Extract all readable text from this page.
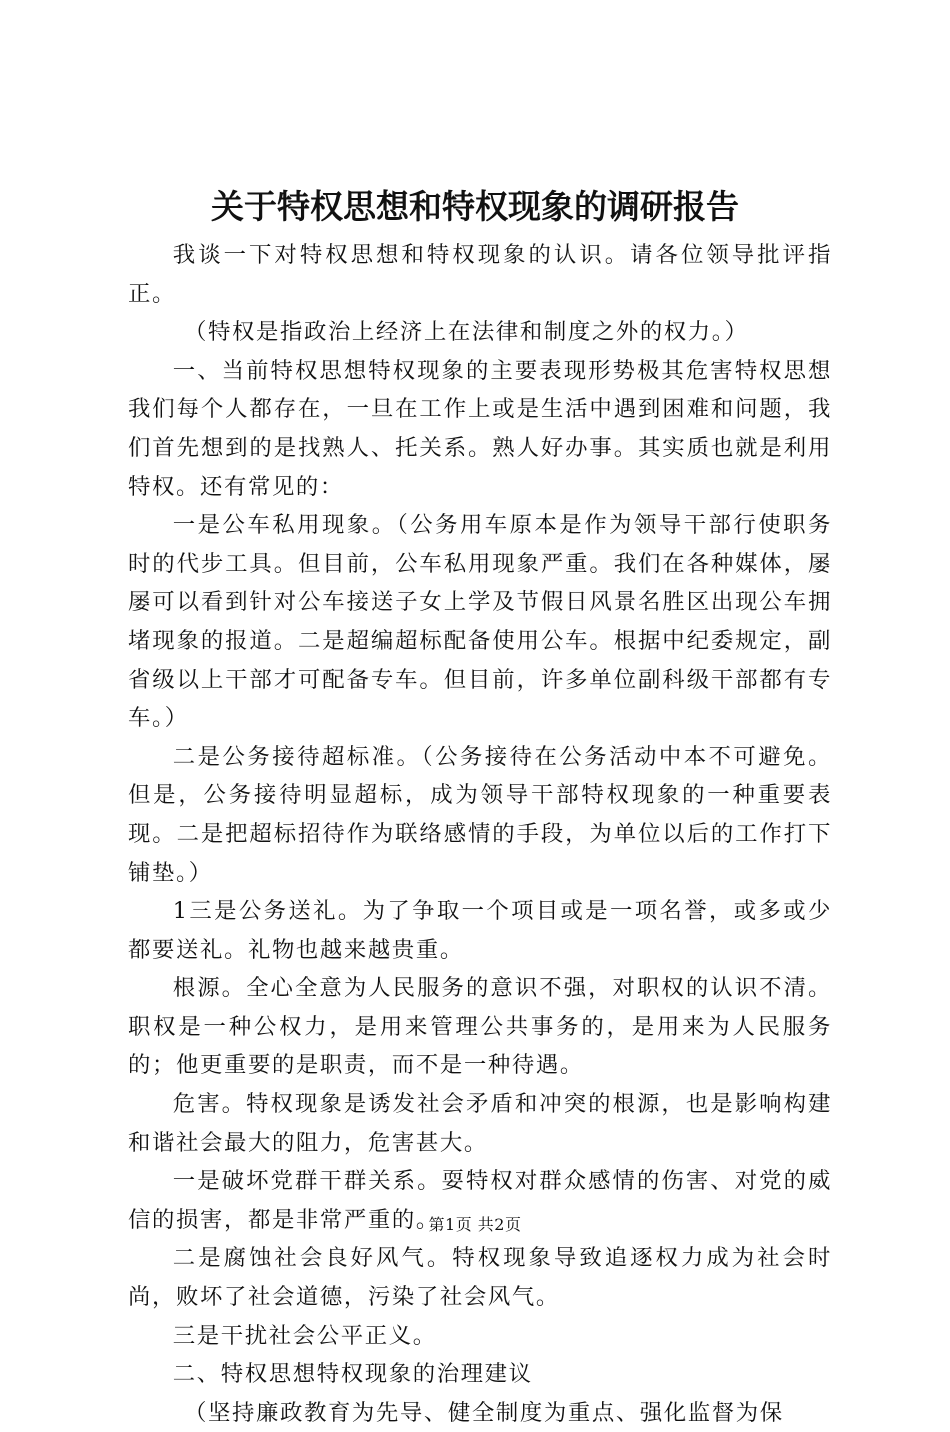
关于特权思想和特权现象的调研报告

我谈一下对特权思想和特权现象的认识。请各位领导批评指正。

（特权是指政治上经济上在法律和制度之外的权力。）

一、当前特权思想特权现象的主要表现形势极其危害特权思想我们每个人都存在，一旦在工作上或是生活中遇到困难和问题，我们首先想到的是找熟人、托关系。熟人好办事。其实质也就是利用特权。还有常见的：

一是公车私用现象。（公务用车原本是作为领导干部行使职务时的代步工具。但目前，公车私用现象严重。我们在各种媒体，屡屡可以看到针对公车接送子女上学及节假日风景名胜区出现公车拥堵现象的报道。二是超编超标配备使用公车。根据中纪委规定，副省级以上干部才可配备专车。但目前，许多单位副科级干部都有专车。）

二是公务接待超标准。（公务接待在公务活动中本不可避免。但是，公务接待明显超标，成为领导干部特权现象的一种重要表现。二是把超标招待作为联络感情的手段，为单位以后的工作打下铺垫。）

1三是公务送礼。为了争取一个项目或是一项名誉，或多或少都要送礼。礼物也越来越贵重。

根源。全心全意为人民服务的意识不强，对职权的认识不清。职权是一种公权力，是用来管理公共事务的，是用来为人民服务的；他更重要的是职责，而不是一种待遇。

危害。特权现象是诱发社会矛盾和冲突的根源，也是影响构建和谐社会最大的阻力，危害甚大。

一是破坏党群干群关系。耍特权对群众感情的伤害、对党的威信的损害，都是非常严重的。

二是腐蚀社会良好风气。特权现象导致追逐权力成为社会时尚，败坏了社会道德，污染了社会风气。

三是干扰社会公平正义。

二、特权思想特权现象的治理建议

（坚持廉政教育为先导、健全制度为重点、强化监督为保

第1页 共2页
